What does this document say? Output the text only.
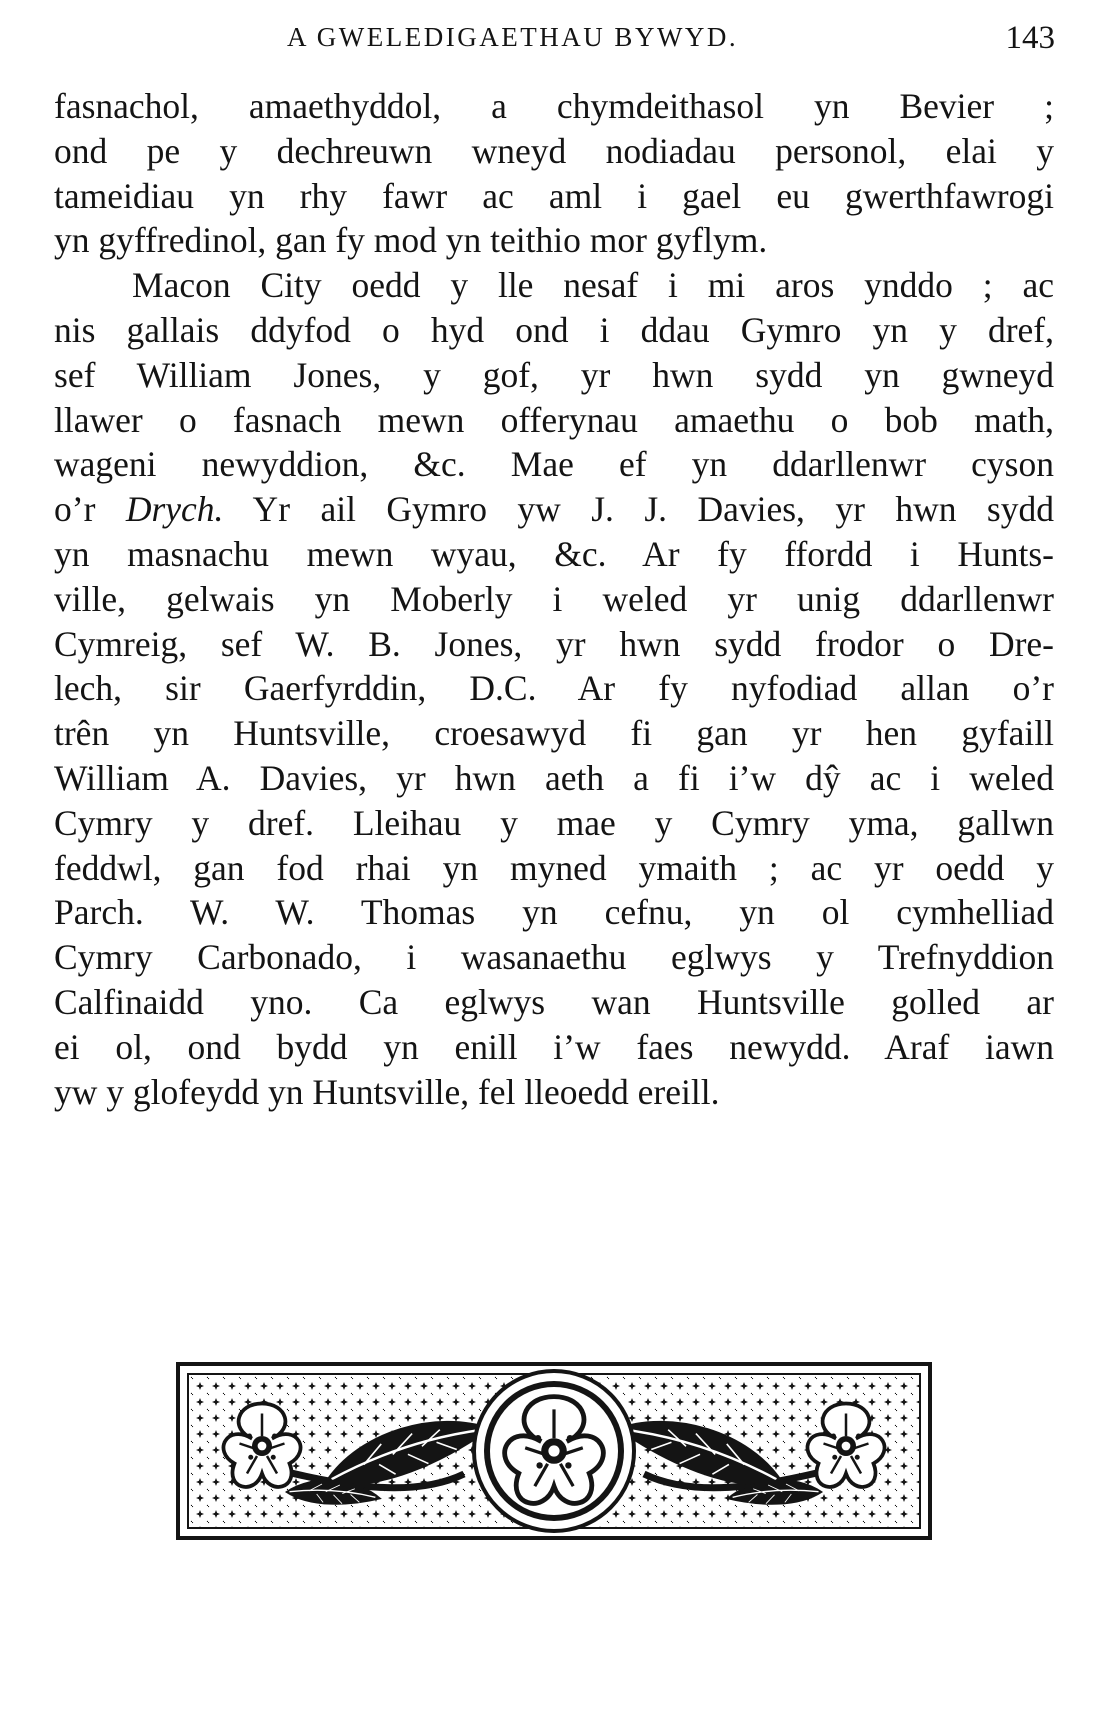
A GWELEDIGAETHAU BYWYD.	143
fasnachol, amaethyddol, a chymdeithasol yn Bevier ;
ond pe y dechreuwn wneyd nodiadau personol, elai y
tameidiau yn rhy fawr ac aml i gael eu gwerthfawrogi
yn gyffredinol, gan fy mod yn teithio mor gyflym.
Macon City oedd y lle nesaf i mi aros ynddo ; ac
nis gallais ddyfod o hyd ond i ddau Gymro yn y dref,
sef William Jones, y gof, yr hwn sydd yn gwneyd
llawer o fasnach mewn offerynau amaethu o bob math,
wageni newyddion, &c. Mae ef yn ddarllenwr cyson
o’r Drych. Yr ail Gymro yw J. J. Davies, yr hwn sydd
yn masnachu mewn wyau, &c. Ar fy ffordd i Hunts-
ville, gelwais yn Moberly i weled yr unig ddarllenwr
Cymreig, sef W. B. Jones, yr hwn sydd frodor o Dre-
lech, sir Gaerfyrddin, D.C. Ar fy nyfodiad allan o’r
trên yn Huntsville, croesawyd fi gan yr hen gyfaill
William A. Davies, yr hwn aeth a fi i’w dŷ ac i weled
Cymry y dref. Lleihau y mae y Cymry yma, gallwn
feddwl, gan fod rhai yn myned ymaith ; ac yr oedd y
Parch. W. W. Thomas yn cefnu, yn ol cymhelliad
Cymry Carbonado, i wasanaethu eglwys y Trefnyddion
Calfinaidd yno. Ca eglwys wan Huntsville golled ar
ei ol, ond bydd yn enill i’w faes newydd. Araf iawn
yw y glofeydd yn Huntsville, fel lleoedd ereill.
